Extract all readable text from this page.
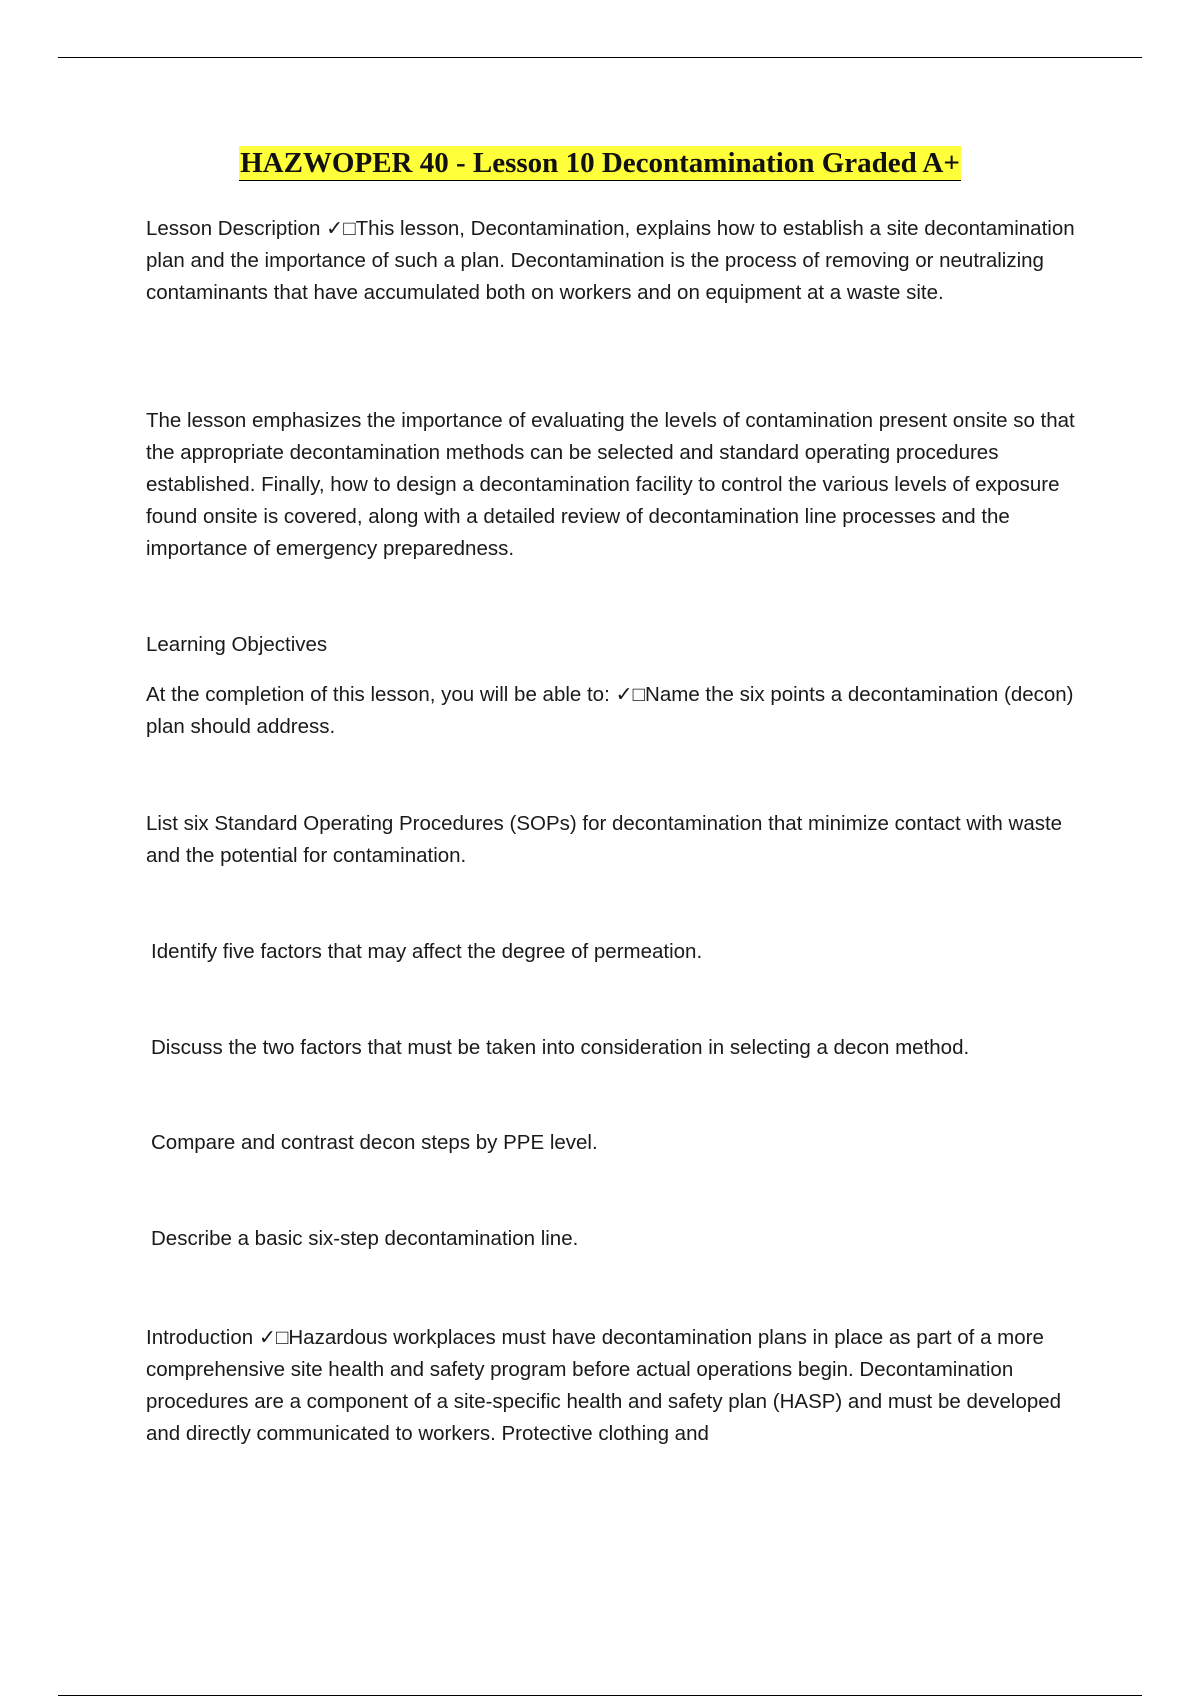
HAZWOPER 40 - Lesson 10 Decontamination Graded A+

Lesson Description ✓□This lesson, Decontamination, explains how to establish a site decontamination plan and the importance of such a plan. Decontamination is the process of removing or neutralizing contaminants that have accumulated both on workers and on equipment at a waste site.

The lesson emphasizes the importance of evaluating the levels of contamination present onsite so that the appropriate decontamination methods can be selected and standard operating procedures established. Finally, how to design a decontamination facility to control the various levels of exposure found onsite is covered, along with a detailed review of decontamination line processes and the importance of emergency preparedness.

Learning Objectives

At the completion of this lesson, you will be able to: ✓□Name the six points a decontamination (decon) plan should address.

List six Standard Operating Procedures (SOPs) for decontamination that minimize contact with waste and the potential for contamination.

Identify five factors that may affect the degree of permeation.

Discuss the two factors that must be taken into consideration in selecting a decon method.

Compare and contrast decon steps by PPE level.

Describe a basic six-step decontamination line.

Introduction ✓□Hazardous workplaces must have decontamination plans in place as part of a more comprehensive site health and safety program before actual operations begin. Decontamination procedures are a component of a site-specific health and safety plan (HASP) and must be developed and directly communicated to workers. Protective clothing and
